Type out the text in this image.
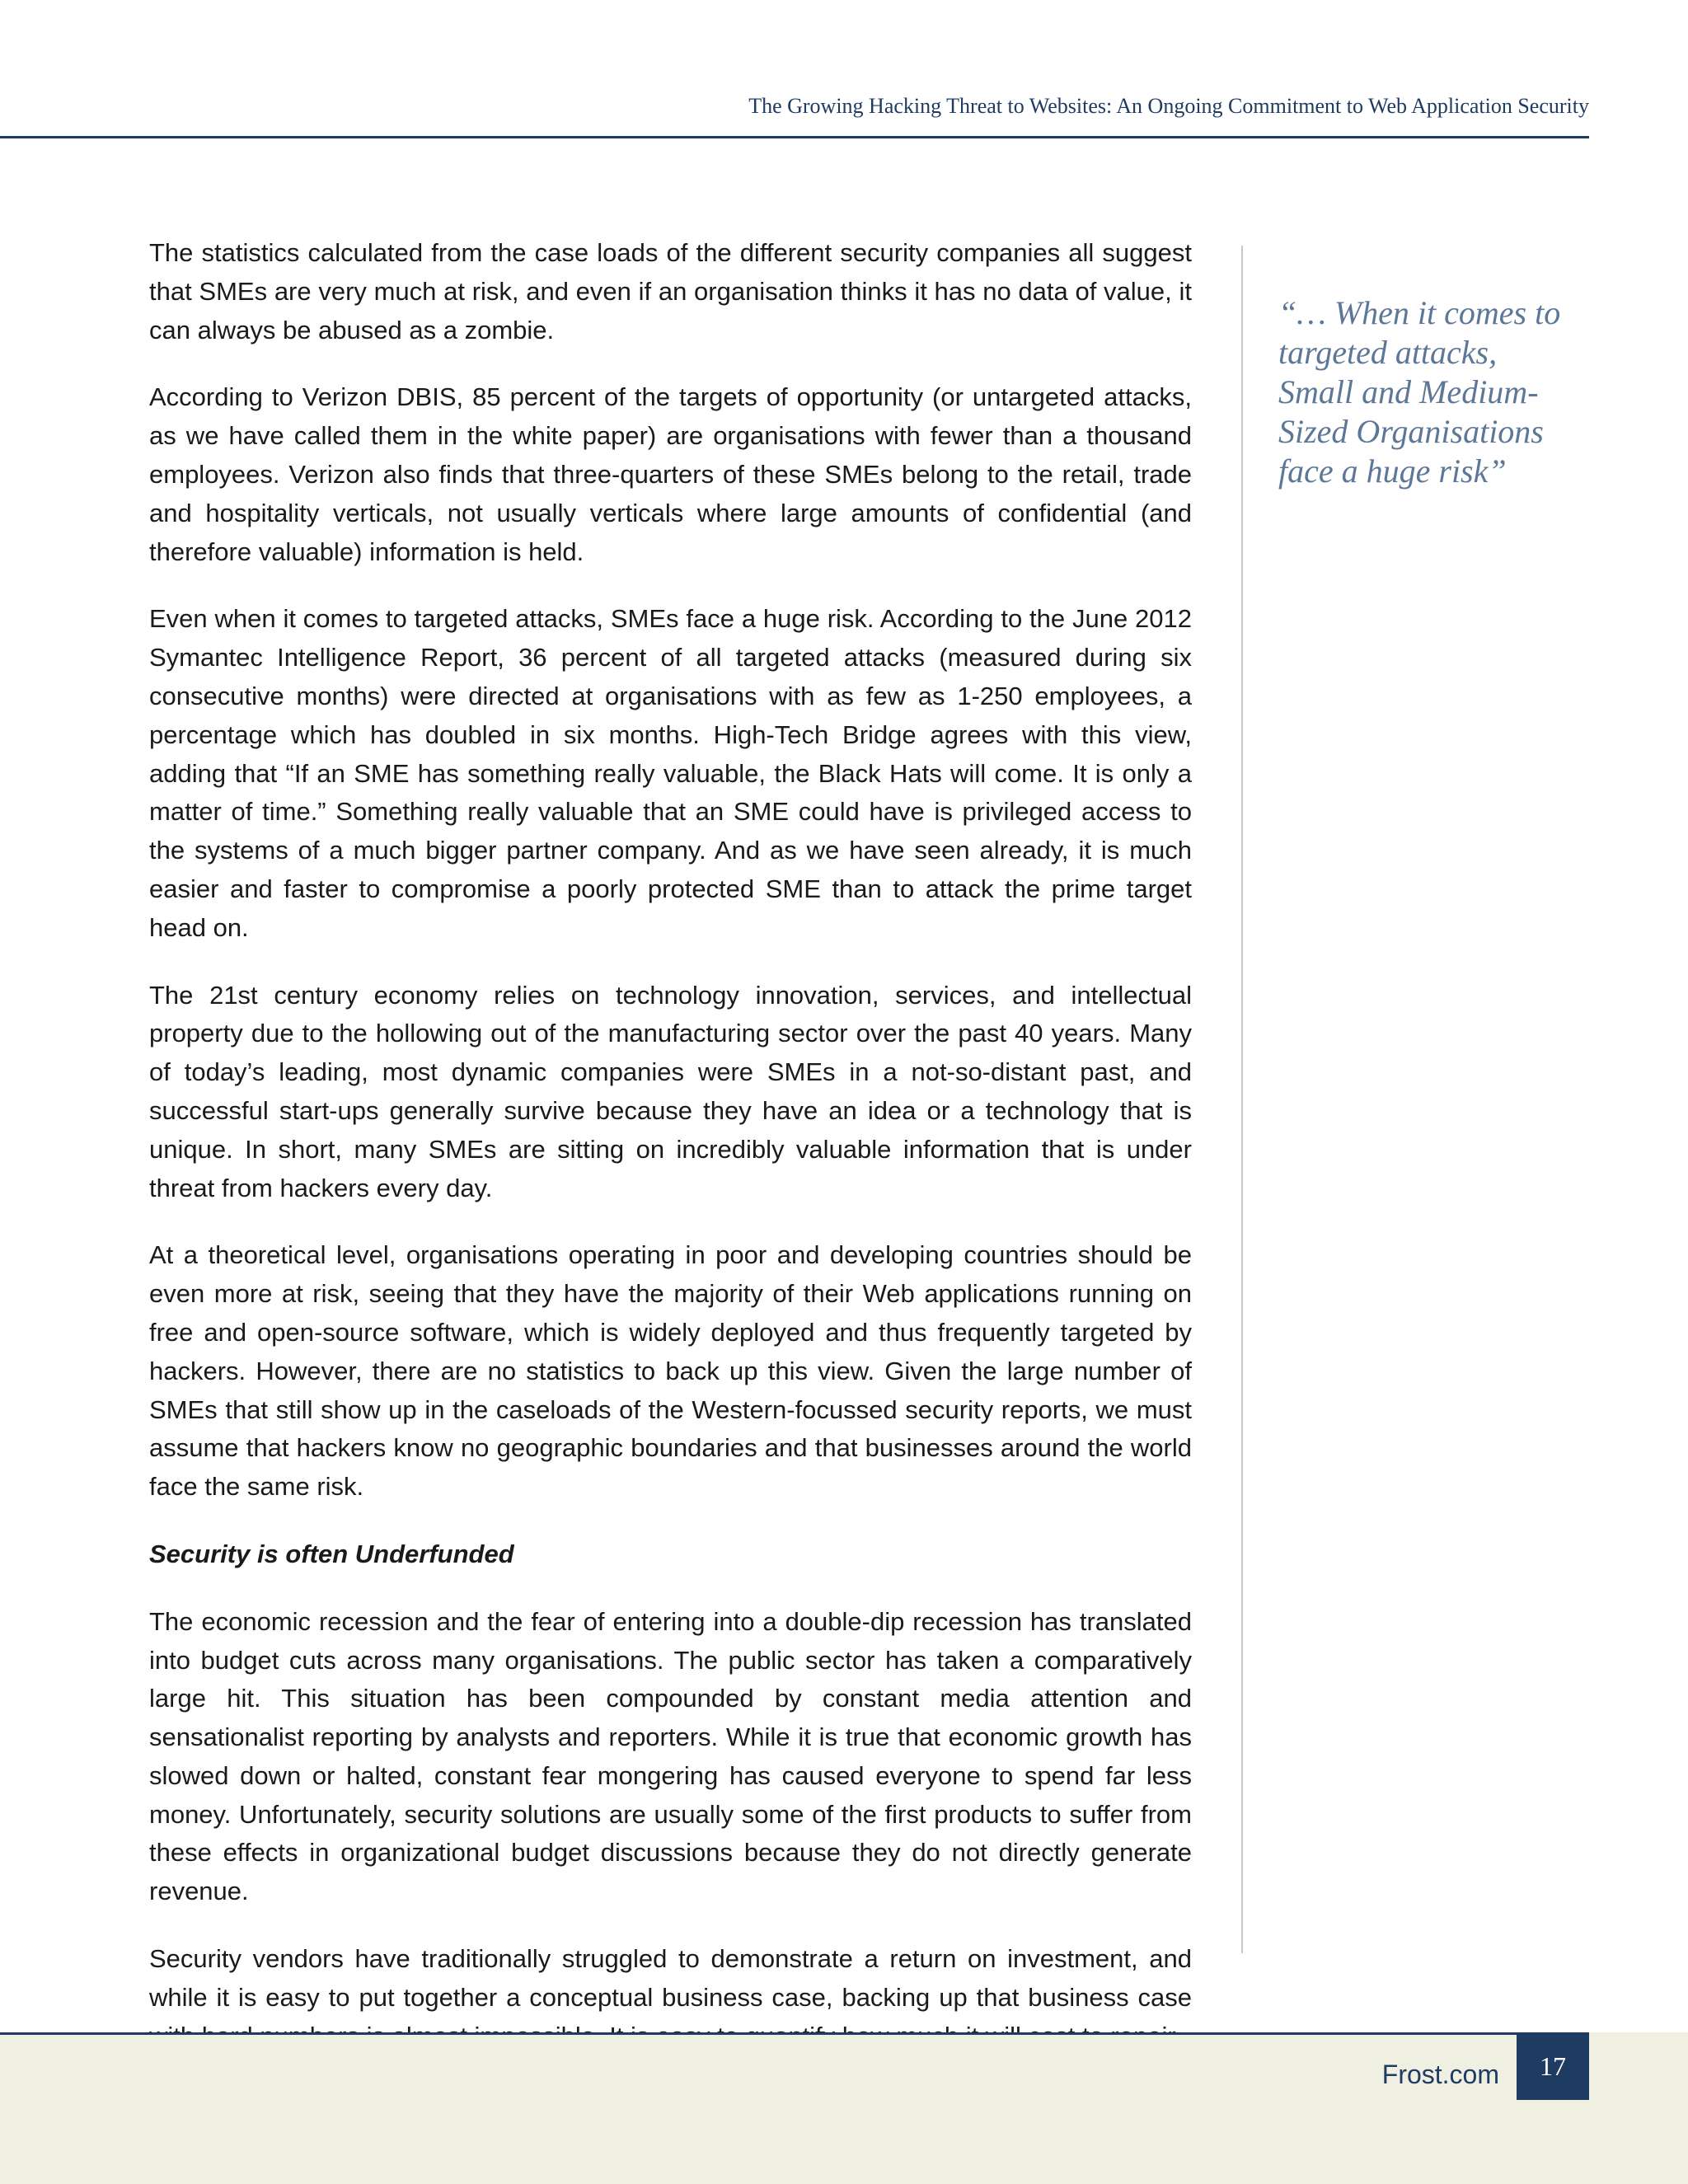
The Growing Hacking Threat to Websites: An Ongoing Commitment to Web Application Security

The statistics calculated from the case loads of the different security companies all suggest that SMEs are very much at risk, and even if an organisation thinks it has no data of value, it can always be abused as a zombie.

According to Verizon DBIS, 85 percent of the targets of opportunity (or untargeted attacks, as we have called them in the white paper) are organisations with fewer than a thousand employees. Verizon also finds that three-quarters of these SMEs belong to the retail, trade and hospitality verticals, not usually verticals where large amounts of confidential (and therefore valuable) information is held.

Even when it comes to targeted attacks, SMEs face a huge risk. According to the June 2012 Symantec Intelligence Report, 36 percent of all targeted attacks (measured during six consecutive months) were directed at organisations with as few as 1-250 employees, a percentage which has doubled in six months. High-Tech Bridge agrees with this view, adding that “If an SME has something really valuable, the Black Hats will come. It is only a matter of time.” Something really valuable that an SME could have is privileged access to the systems of a much bigger partner company. And as we have seen already, it is much easier and faster to compromise a poorly protected SME than to attack the prime target head on.

The 21st century economy relies on technology innovation, services, and intellectual property due to the hollowing out of the manufacturing sector over the past 40 years. Many of today’s leading, most dynamic companies were SMEs in a not-so-distant past, and successful start-ups generally survive because they have an idea or a technology that is unique. In short, many SMEs are sitting on incredibly valuable information that is under threat from hackers every day.

At a theoretical level, organisations operating in poor and developing countries should be even more at risk, seeing that they have the majority of their Web applications running on free and open-source software, which is widely deployed and thus frequently targeted by hackers. However, there are no statistics to back up this view. Given the large number of SMEs that still show up in the caseloads of the Western-focussed security reports, we must assume that hackers know no geographic boundaries and that businesses around the world face the same risk.

Security is often Underfunded

The economic recession and the fear of entering into a double-dip recession has translated into budget cuts across many organisations. The public sector has taken a comparatively large hit. This situation has been compounded by constant media attention and sensationalist reporting by analysts and reporters. While it is true that economic growth has slowed down or halted, constant fear mongering has caused everyone to spend far less money. Unfortunately, security solutions are usually some of the first products to suffer from these effects in organizational budget discussions because they do not directly generate revenue.

Security vendors have traditionally struggled to demonstrate a return on investment, and while it is easy to put together a conceptual business case, backing up that business case

“… When it comes to targeted attacks, Small and Medium-Sized Organisations face a huge risk”
Frost.com	17
